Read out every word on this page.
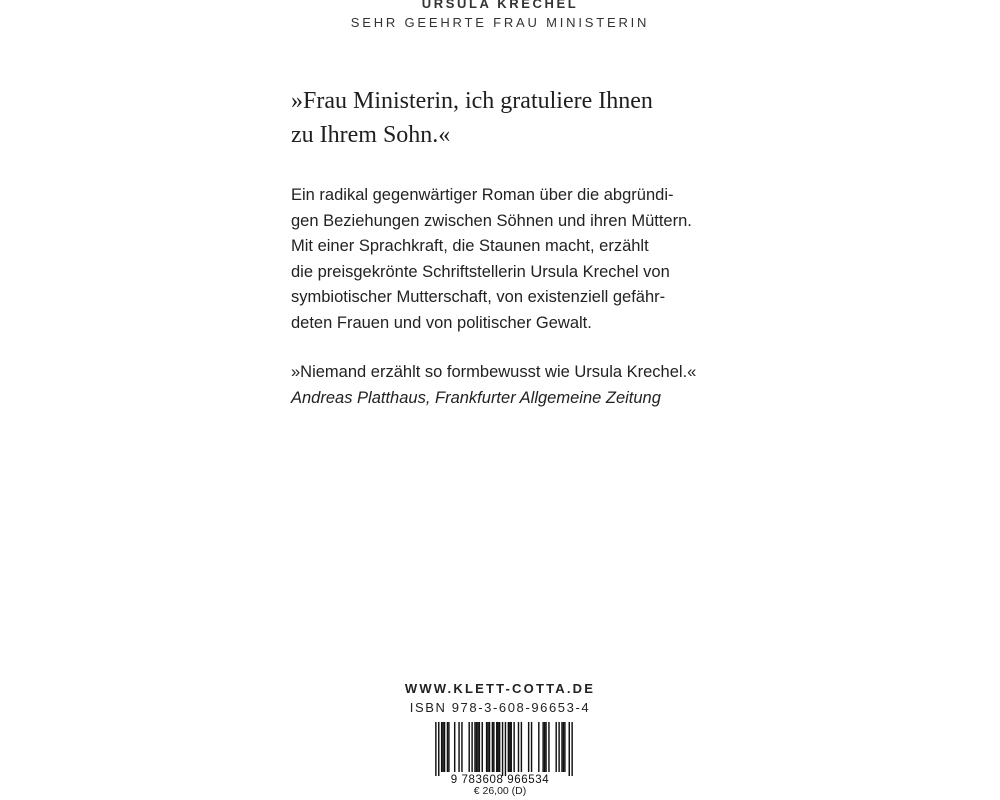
URSULA KRECHEL
SEHR GEEHRTE FRAU MINISTERIN
»Frau Ministerin, ich gratuliere Ihnen
zu Ihrem Sohn.«
Ein radikal gegenwärtiger Roman über die abgründi-
gen Beziehungen zwischen Söhnen und ihren Müttern.
Mit einer Sprachkraft, die Staunen macht, erzählt
die preisgekrönte Schriftstellerin Ursula Krechel von
symbiotischer Mutterschaft, von existenziell gefähr-
deten Frauen und von politischer Gewalt.
»Niemand erzählt so formbewusst wie Ursula Krechel.«
Andreas Platthaus, Frankfurter Allgemeine Zeitung
WWW.KLETT-COTTA.DE
ISBN 978-3-608-96653-4
9 783608 966534
€ 26,00 (D)
